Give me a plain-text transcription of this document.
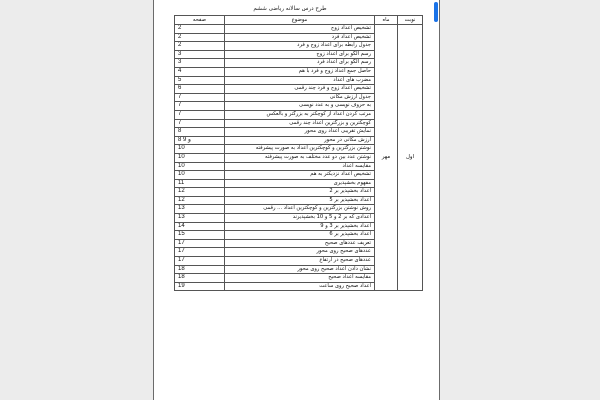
طرح درس سالانه ریاضی ششم
صفحه	موضوع	ماه	نوبت
2	تشخیص اعداد زوج	مهر	اول
2	تشخیص اعداد فرد		
2	جدول رابطه برای اعداد زوج و فرد		
3	رسم الگو برای اعداد زوج		
3	رسم الگو برای اعداد فرد		
4	حاصل جمع اعداد زوج و فرد با هم		
5	مضرب های اعداد		
6	تشخیص اعداد زوج و فرد چند رقمی		
7	جدول ارزش مکانی		
7	به حروف نویسی و به عدد نویسی		
7	مرتب کردن اعداد از کوچکتر به بزرگتر و بالعکس		
7	کوچکترین و بزرگترین اعداد چند رقمی		
8	نمایش تقریبی اعداد روی محور		
8 و 9	ارزش مکانی در محور		
10	نوشتن بزرگترین و کوچکترین اعداد به صورت پیشرفته		
10	نوشتن عدد بین دو عدد مختلف به صورت پیشرفته		
10	مقایسه اعداد		
10	تشخیص اعداد نزدیکتر به هم		
11	مفهوم بخشپذیری		
12	اعداد بخشپذیر بر 2		
12	اعداد بخشپذیر بر 5		
13	روش نوشتن بزرگترین و کوچکترین اعداد ... رقمی		
13	اعدادی که بر 2 و 5 و 10 بخشپذیرند		
14	اعداد بخشپذیر بر 3 و 9		
15	اعداد بخشپذیر بر 6		
17	تعریف عددهای صحیح		
17	عددهای صحیح روی محور		
17	عددهای صحیح در ارتفاع		
18	نشان دادن اعداد صحیح روی محور		
18	مقایسه اعداد صحیح		
19	اعداد صحیح روی ساعت		
